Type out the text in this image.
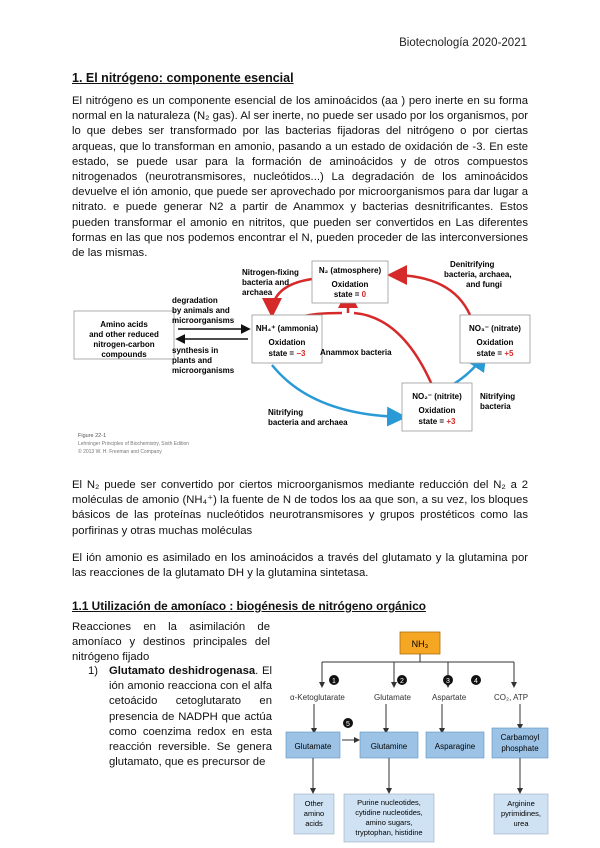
Biotecnología 2020-2021
1. El nitrógeno: componente esencial
El nitrógeno es un componente esencial de los aminoácidos (aa ) pero inerte en su forma normal en la naturaleza (N₂ gas). Al ser inerte, no puede ser usado por los organismos, por lo que debes ser transformado por las bacterias fijadoras del nitrógeno o por ciertas arqueas, que lo transforman en amonio, pasando a un estado de oxidación de -3. En este estado, se puede usar para la formación de aminoácidos y de otros compuestos nitrogenados (neurotransmisores, nucleótidos...) La degradación de los aminoácidos devuelve el ión amonio, que puede ser aprovechado por microorganismos para dar lugar a nitrato. e puede generar N2 a partir de Anammox y bacterias desnitrificantes. Estos pueden transformar el amonio en nitritos, que pueden ser convertidos en Las diferentes formas en las que nos podemos encontrar el N, pueden proceder de las interconversiones de las mismas.
N₂ (atmosphere)
Oxidation
state = 0
NH₄⁺ (ammonia)
Oxidation
state = −3
NO₃⁻ (nitrate)
Oxidation
state = +5
NO₂⁻ (nitrite)
Oxidation
state = +3
Amino acids
and other reduced
nitrogen-carbon
compounds
Nitrogen-fixing
bacteria and
archaea
Denitrifying
bacteria, archaea,
and fungi
degradation
by animals and
microorganisms
synthesis in
plants and
microorganisms
Anammox bacteria
Nitrifying
bacteria
Nitrifying
bacteria and archaea
Figure 22-1
Lehninger Principles of Biochemistry, Sixth Edition
© 2013 W. H. Freeman and Company
El N₂ puede ser convertido por ciertos microorganismos mediante reducción del N₂ a 2 moléculas de amonio (NH₄⁺) la fuente de N de todos los aa que son, a su vez, los bloques básicos de las proteínas nucleótidos neurotransmisores y grupos prostéticos como las porfirinas y otras muchas moléculas
El ión amonio es asimilado en los aminoácidos a través del glutamato y la glutamina por las reacciones de la glutamato DH y la glutamina sintetasa.
1.1 Utilización de amoníaco : biogénesis de nitrógeno orgánico
Reacciones en la asimilación de amoníaco y destinos principales del nitrógeno fijado
1) Glutamato deshidrogenasa. El ión amonio reacciona con el alfa cetoácido cetoglutarato en presencia de NADPH que actúa como coenzima redox en esta reacción reversible. Se genera glutamato, que es precursor de
NH₃
1	2	3	4
α-Ketoglutarate	Glutamate	Aspartate	CO₂, ATP
5
Glutamate	Glutamine	Asparagine
Carbamoyl
phosphate
Other
amino
acids
Purine nucleotides,
cytidine nucleotides,
amino sugars,
tryptophan, histidine
Arginine
pyrimidines,
urea
